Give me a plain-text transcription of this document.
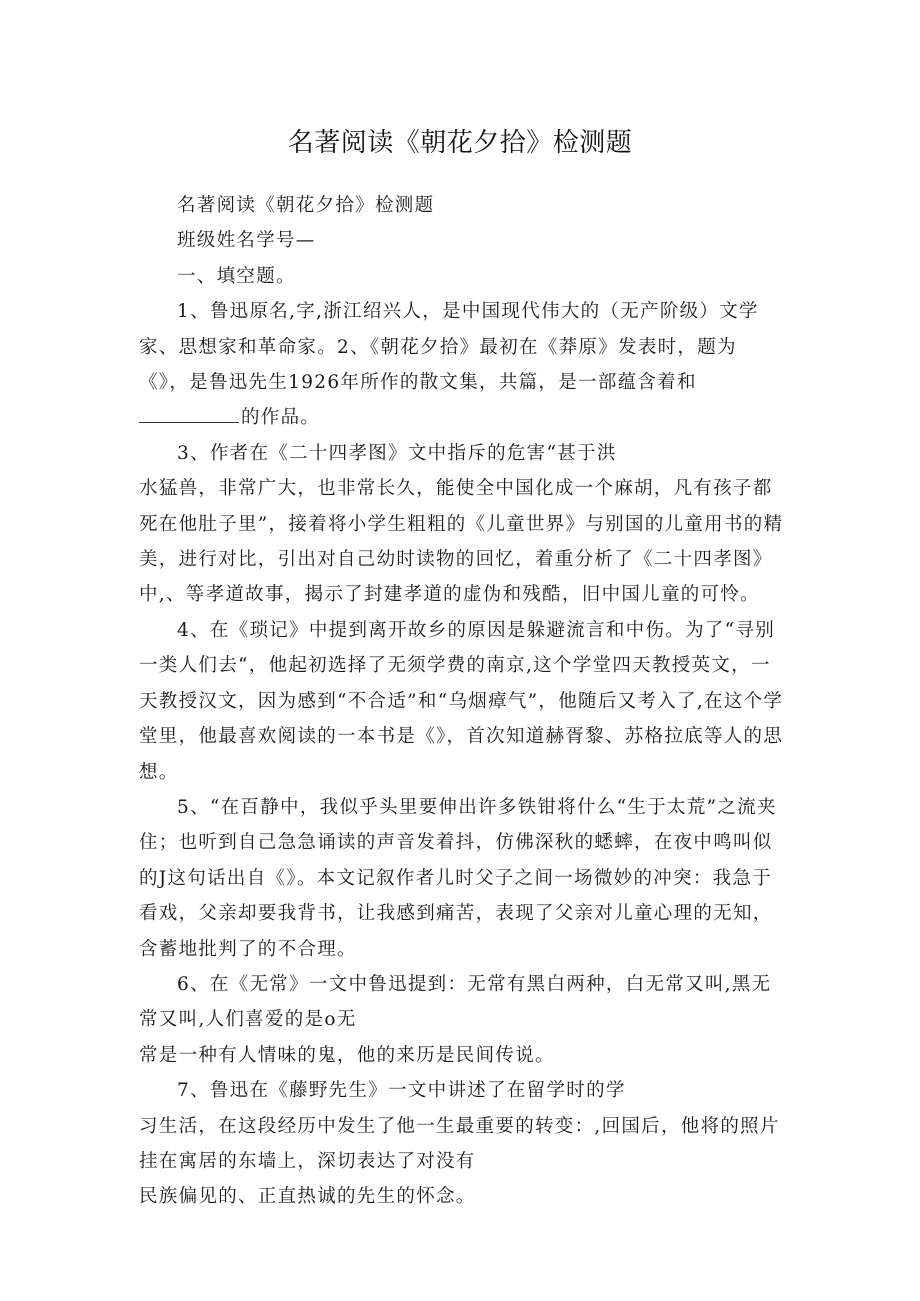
名著阅读《朝花夕拾》检测题

名著阅读《朝花夕拾》检测题

班级姓名学号—

一、填空题。

1、鲁迅原名,字,浙江绍兴人，是中国现代伟大的（无产阶级）文学家、思想家和革命家。2、《朝花夕拾》最初在《莽原》发表时，题为《》，是鲁迅先生1926年所作的散文集，共篇，是一部蕴含着和

的作品。

3、作者在《二十四孝图》文中指斥的危害“甚于洪

水猛兽，非常广大，也非常长久，能使全中国化成一个麻胡，凡有孩子都死在他肚子里”，接着将小学生粗粗的《儿童世界》与别国的儿童用书的精美，进行对比，引出对自己幼时读物的回忆，着重分析了《二十四孝图》中,、等孝道故事，揭示了封建孝道的虚伪和残酷，旧中国儿童的可怜。

4、在《琐记》中提到离开故乡的原因是躲避流言和中伤。为了“寻别一类人们去“，他起初选择了无须学费的南京,这个学堂四天教授英文，一天教授汉文，因为感到“不合适”和“乌烟瘴气”，他随后又考入了,在这个学堂里，他最喜欢阅读的一本书是《》，首次知道赫胥黎、苏格拉底等人的思想。

5、“在百静中，我似乎头里要伸出许多铁钳将什么“生于太荒”之流夹住；也听到自己急急诵读的声音发着抖，仿佛深秋的蟋蟀，在夜中鸣叫似的J这句话出自《》。本文记叙作者儿时父子之间一场微妙的冲突：我急于看戏，父亲却要我背书，让我感到痛苦，表现了父亲对儿童心理的无知，含蓄地批判了的不合理。

6、在《无常》一文中鲁迅提到：无常有黑白两种，白无常又叫,黑无常又叫,人们喜爱的是o无

常是一种有人情味的鬼，他的来历是民间传说。

7、鲁迅在《藤野先生》一文中讲述了在留学时的学

习生活，在这段经历中发生了他一生最重要的转变：,回国后，他将的照片挂在寓居的东墙上，深切表达了对没有

民族偏见的、正直热诚的先生的怀念。
